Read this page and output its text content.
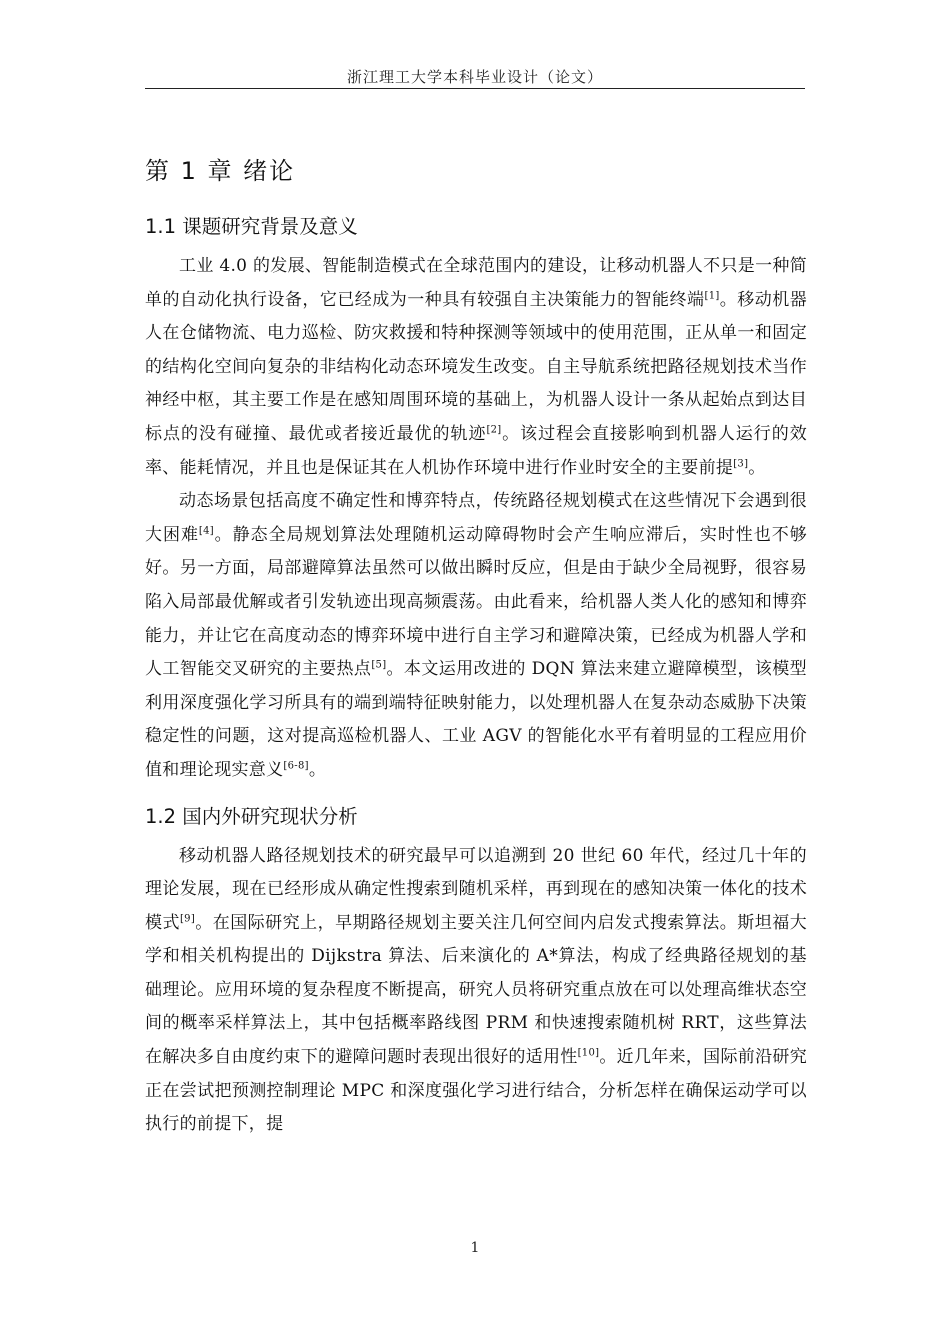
浙江理工大学本科毕业设计（论文）
第 1 章 绪论
1.1 课题研究背景及意义

工业 4.0 的发展、智能制造模式在全球范围内的建设，让移动机器人不只是一种简单的自动化执行设备，它已经成为一种具有较强自主决策能力的智能终端[1]。移动机器人在仓储物流、电力巡检、防灾救援和特种探测等领域中的使用范围，正从单一和固定的结构化空间向复杂的非结构化动态环境发生改变。自主导航系统把路径规划技术当作神经中枢，其主要工作是在感知周围环境的基础上，为机器人设计一条从起始点到达目标点的没有碰撞、最优或者接近最优的轨迹[2]。该过程会直接影响到机器人运行的效率、能耗情况，并且也是保证其在人机协作环境中进行作业时安全的主要前提[3]。

动态场景包括高度不确定性和博弈特点，传统路径规划模式在这些情况下会遇到很大困难[4]。静态全局规划算法处理随机运动障碍物时会产生响应滞后，实时性也不够好。另一方面，局部避障算法虽然可以做出瞬时反应，但是由于缺少全局视野，很容易陷入局部最优解或者引发轨迹出现高频震荡。由此看来，给机器人类人化的感知和博弈能力，并让它在高度动态的博弈环境中进行自主学习和避障决策，已经成为机器人学和人工智能交叉研究的主要热点[5]。本文运用改进的 DQN 算法来建立避障模型，该模型利用深度强化学习所具有的端到端特征映射能力，以处理机器人在复杂动态威胁下决策稳定性的问题，这对提高巡检机器人、工业 AGV 的智能化水平有着明显的工程应用价值和理论现实意义[6-8]。

1.2 国内外研究现状分析

移动机器人路径规划技术的研究最早可以追溯到 20 世纪 60 年代，经过几十年的理论发展，现在已经形成从确定性搜索到随机采样，再到现在的感知决策一体化的技术模式[9]。在国际研究上，早期路径规划主要关注几何空间内启发式搜索算法。斯坦福大学和相关机构提出的 Dijkstra 算法、后来演化的 A*算法，构成了经典路径规划的基础理论。应用环境的复杂程度不断提高，研究人员将研究重点放在可以处理高维状态空间的概率采样算法上，其中包括概率路线图 PRM 和快速搜索随机树 RRT，这些算法在解决多自由度约束下的避障问题时表现出很好的适用性[10]。近几年来，国际前沿研究正在尝试把预测控制理论 MPC 和深度强化学习进行结合，分析怎样在确保运动学可以执行的前提下，提

1
